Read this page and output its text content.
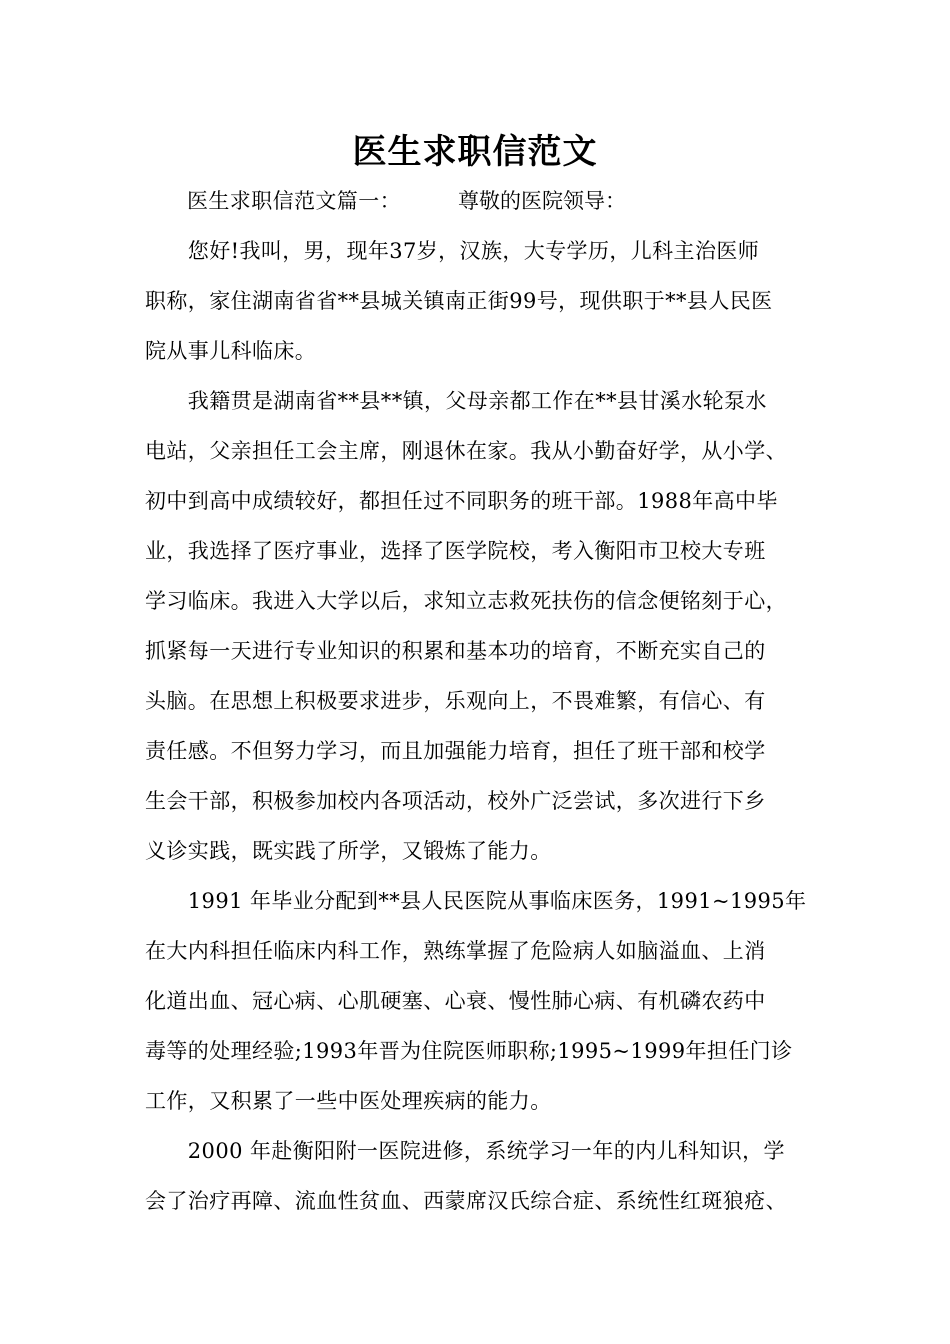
医生求职信范文
医生求职信范文篇一：	尊敬的医院领导：
　　您好!我叫，男，现年37岁，汉族，大专学历，儿科主治医师
职称，家住湖南省省**县城关镇南正街99号，现供职于**县人民医
院从事儿科临床。
　　我籍贯是湖南省**县**镇，父母亲都工作在**县甘溪水轮泵水
电站，父亲担任工会主席，刚退休在家。我从小勤奋好学，从小学、
初中到高中成绩较好，都担任过不同职务的班干部。1988年高中毕
业，我选择了医疗事业，选择了医学院校，考入衡阳市卫校大专班
学习临床。我进入大学以后，求知立志救死扶伤的信念便铭刻于心，
抓紧每一天进行专业知识的积累和基本功的培育，不断充实自己的
头脑。在思想上积极要求进步，乐观向上，不畏难繁，有信心、有
责任感。不但努力学习，而且加强能力培育，担任了班干部和校学
生会干部，积极参加校内各项活动，校外广泛尝试，多次进行下乡
义诊实践，既实践了所学，又锻炼了能力。
　　1991 年毕业分配到**县人民医院从事临床医务，1991~1995年
在大内科担任临床内科工作，熟练掌握了危险病人如脑溢血、上消
化道出血、冠心病、心肌硬塞、心衰、慢性肺心病、有机磷农药中
毒等的处理经验;1993年晋为住院医师职称;1995~1999年担任门诊
工作，又积累了一些中医处理疾病的能力。
　　2000 年赴衡阳附一医院进修，系统学习一年的内儿科知识，学
会了治疗再障、流血性贫血、西蒙席汉氏综合症、系统性红斑狼疮、
